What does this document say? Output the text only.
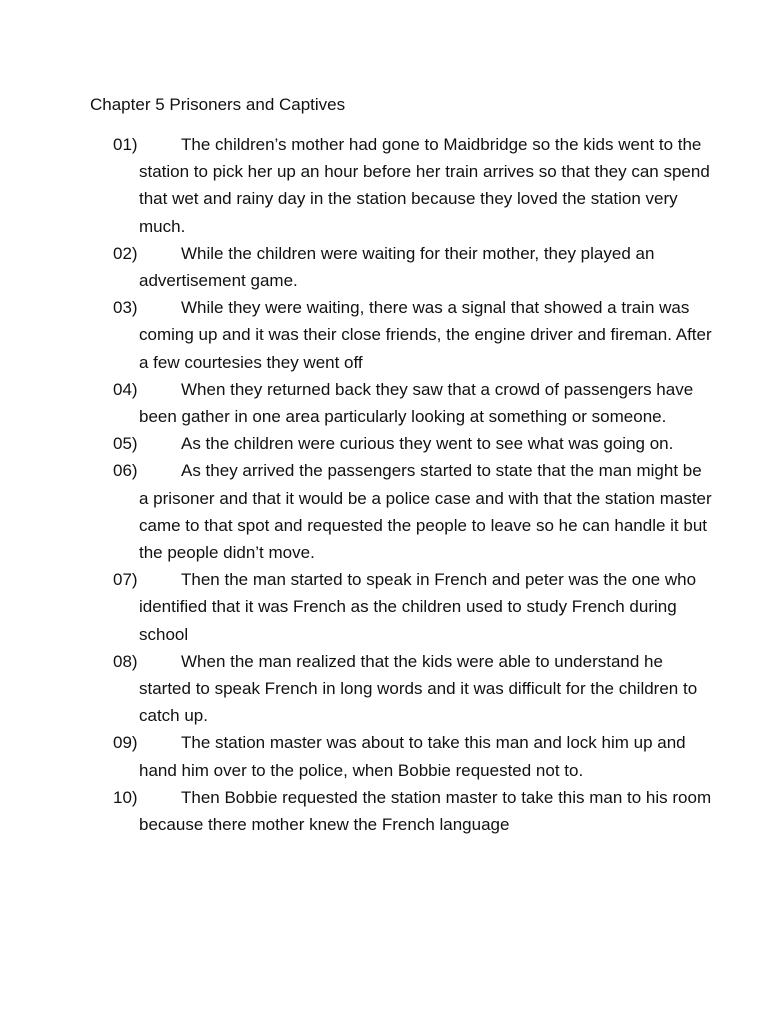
Chapter 5 Prisoners and Captives
01)	The children’s mother had gone to Maidbridge so the kids went to the station to pick her up an hour before her train arrives so that they can spend that wet and rainy day in the station because they loved the station very much.
02)	While the children were waiting for their mother, they played an advertisement game.
03)	While they were waiting, there was a signal that showed a train was coming up and it was their close friends, the engine driver and fireman. After a few courtesies they went off
04)	When they returned back they saw that a crowd of passengers have been gather in one area particularly looking at something or someone.
05)	As the children were curious they went to see what was going on.
06)	As they arrived the passengers started to state that the man might be a prisoner and that it would be a police case and with that the station master came to that spot and requested the people to leave so he can handle it but the people didn’t move.
07)	Then the man started to speak in French and peter was the one who identified that it was French as the children used to study French during school
08)	When the man realized that the kids were able to understand he started to speak French in long words and it was difficult for the children to catch up.
09)	The station master was about to take this man and lock him up and hand him over to the police, when Bobbie requested not to.
10)	Then Bobbie requested the station master to take this man to his room because there mother knew the French language
